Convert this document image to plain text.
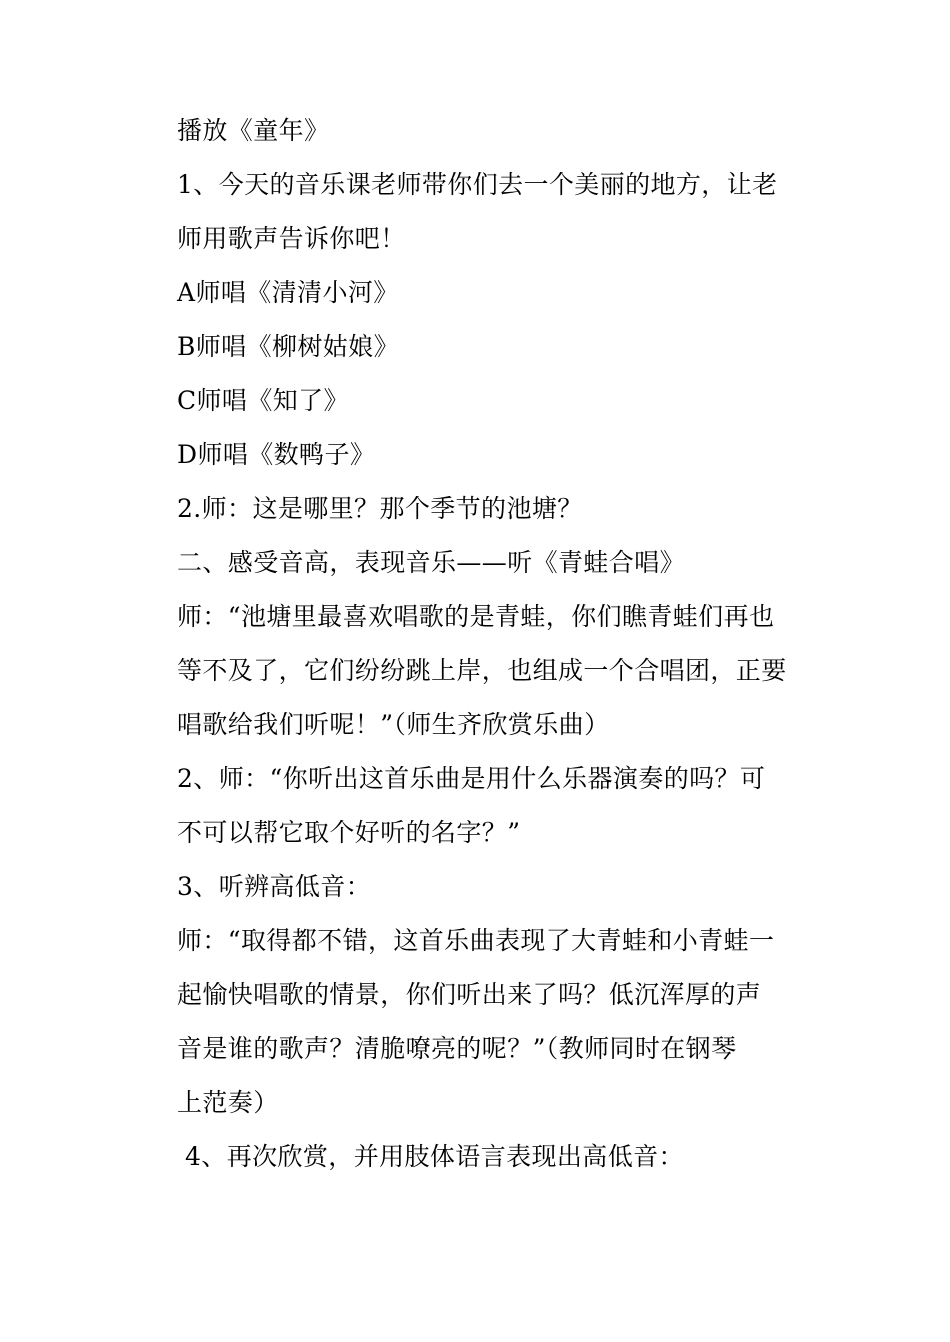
播放《童年》
1、今天的音乐课老师带你们去一个美丽的地方，让老
师用歌声告诉你吧！
A师唱《清清小河》
B师唱《柳树姑娘》
C师唱《知了》
D师唱《数鸭子》
2.师：这是哪里？那个季节的池塘？
二、感受音高，表现音乐——听《青蛙合唱》
师：“池塘里最喜欢唱歌的是青蛙，你们瞧青蛙们再也
等不及了，它们纷纷跳上岸，也组成一个合唱团，正要
唱歌给我们听呢！”（师生齐欣赏乐曲）
2、师：“你听出这首乐曲是用什么乐器演奏的吗？可
不可以帮它取个好听的名字？”
3、听辨高低音：
师：“取得都不错，这首乐曲表现了大青蛙和小青蛙一
起愉快唱歌的情景，你们听出来了吗？低沉浑厚的声
音是谁的歌声？清脆嘹亮的呢？”（教师同时在钢琴
上范奏）
4、再次欣赏，并用肢体语言表现出高低音：
